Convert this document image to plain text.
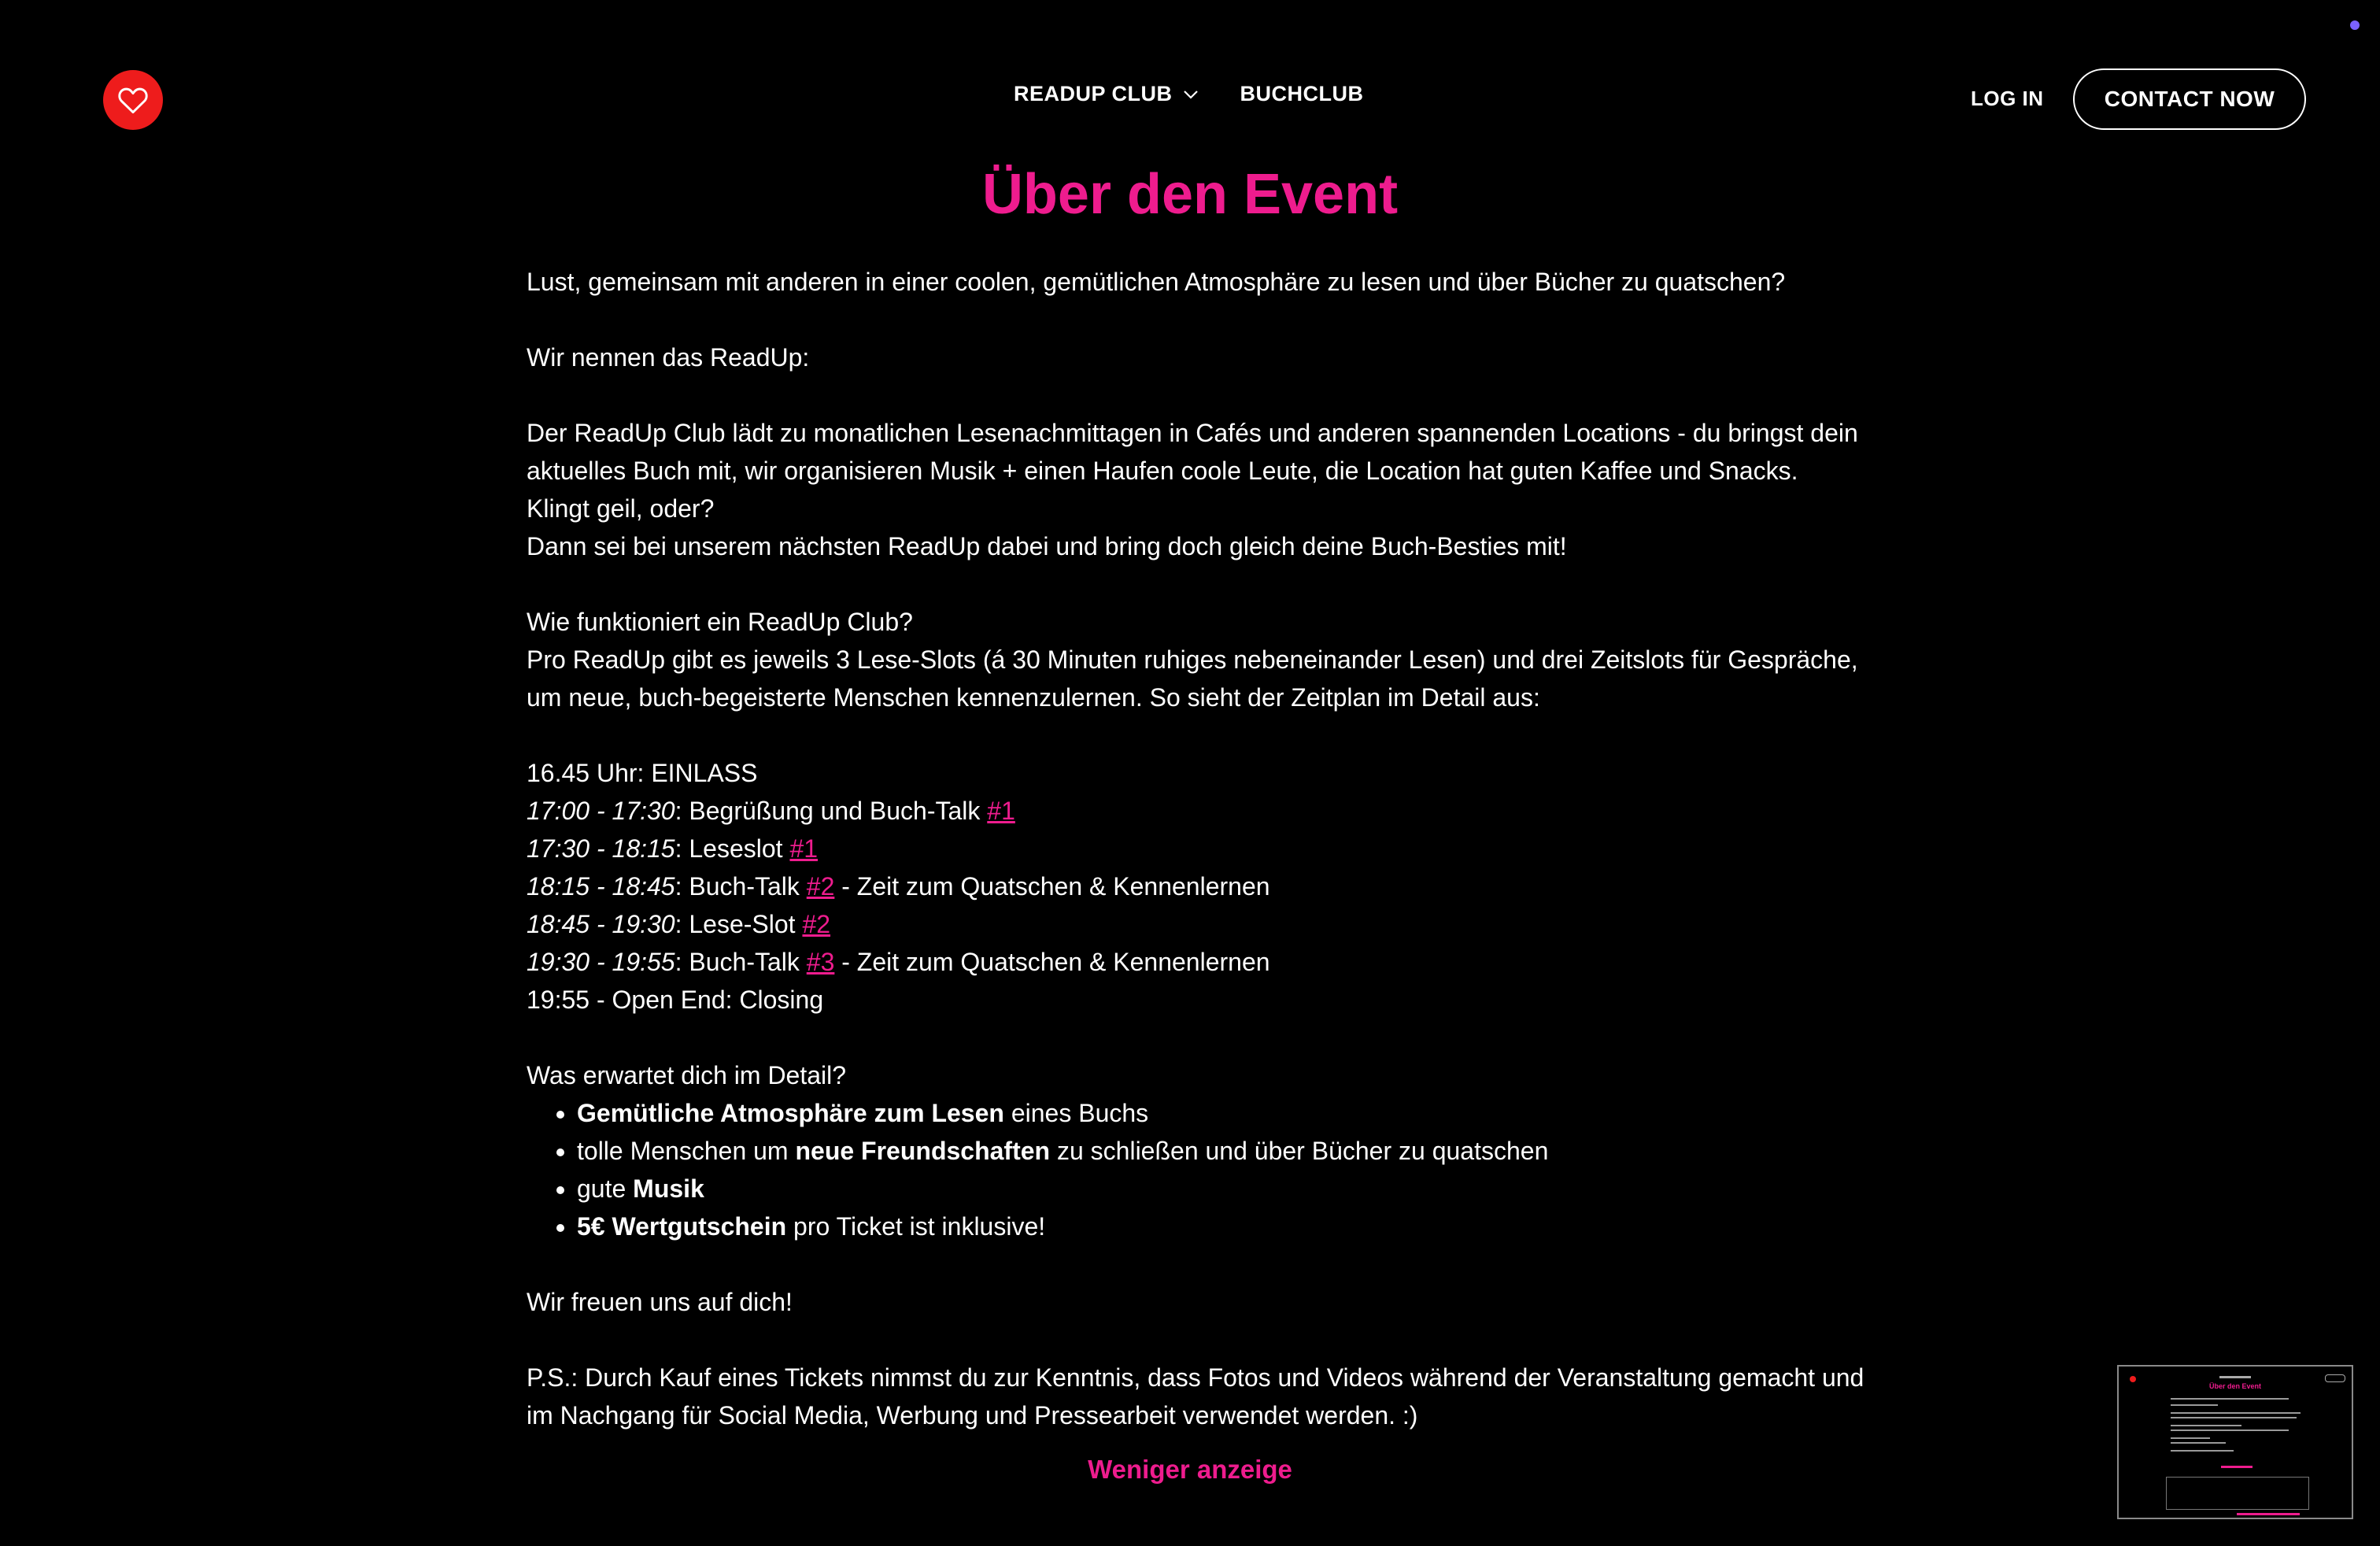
READUP CLUB	BUCHCLUB	LOG IN	CONTACT NOW
Über den Event

Lust, gemeinsam mit anderen in einer coolen, gemütlichen Atmosphäre zu lesen und über Bücher zu quatschen?

Wir nennen das ReadUp:

Der ReadUp Club lädt zu monatlichen Lesenachmittagen in Cafés und anderen spannenden Locations - du bringst dein aktuelles Buch mit, wir organisieren Musik + einen Haufen coole Leute, die Location hat guten Kaffee und Snacks.

Klingt geil, oder?

Dann sei bei unserem nächsten ReadUp dabei und bring doch gleich deine Buch-Besties mit!

Wie funktioniert ein ReadUp Club?

Pro ReadUp gibt es jeweils 3 Lese-Slots (á 30 Minuten ruhiges nebeneinander Lesen) und drei Zeitslots für Gespräche, um neue, buch-begeisterte Menschen kennenzulernen. So sieht der Zeitplan im Detail aus:

16.45 Uhr: EINLASS

17:00 - 17:30: Begrüßung und Buch-Talk #1

17:30 - 18:15: Leseslot #1

18:15 - 18:45: Buch-Talk #2 - Zeit zum Quatschen & Kennenlernen

18:45 - 19:30: Lese-Slot #2

19:30 - 19:55: Buch-Talk #3 - Zeit zum Quatschen & Kennenlernen

19:55 - Open End: Closing

Was erwartet dich im Detail?

• Gemütliche Atmosphäre zum Lesen eines Buchs
• tolle Menschen um neue Freundschaften zu schließen und über Bücher zu quatschen
• gute Musik
• 5€ Wertgutschein pro Ticket ist inklusive!

Wir freuen uns auf dich!

P.S.: Durch Kauf eines Tickets nimmst du zur Kenntnis, dass Fotos und Videos während der Veranstaltung gemacht und im Nachgang für Social Media, Werbung und Pressearbeit verwendet werden. :)

Weniger anzeige
Über den Event
